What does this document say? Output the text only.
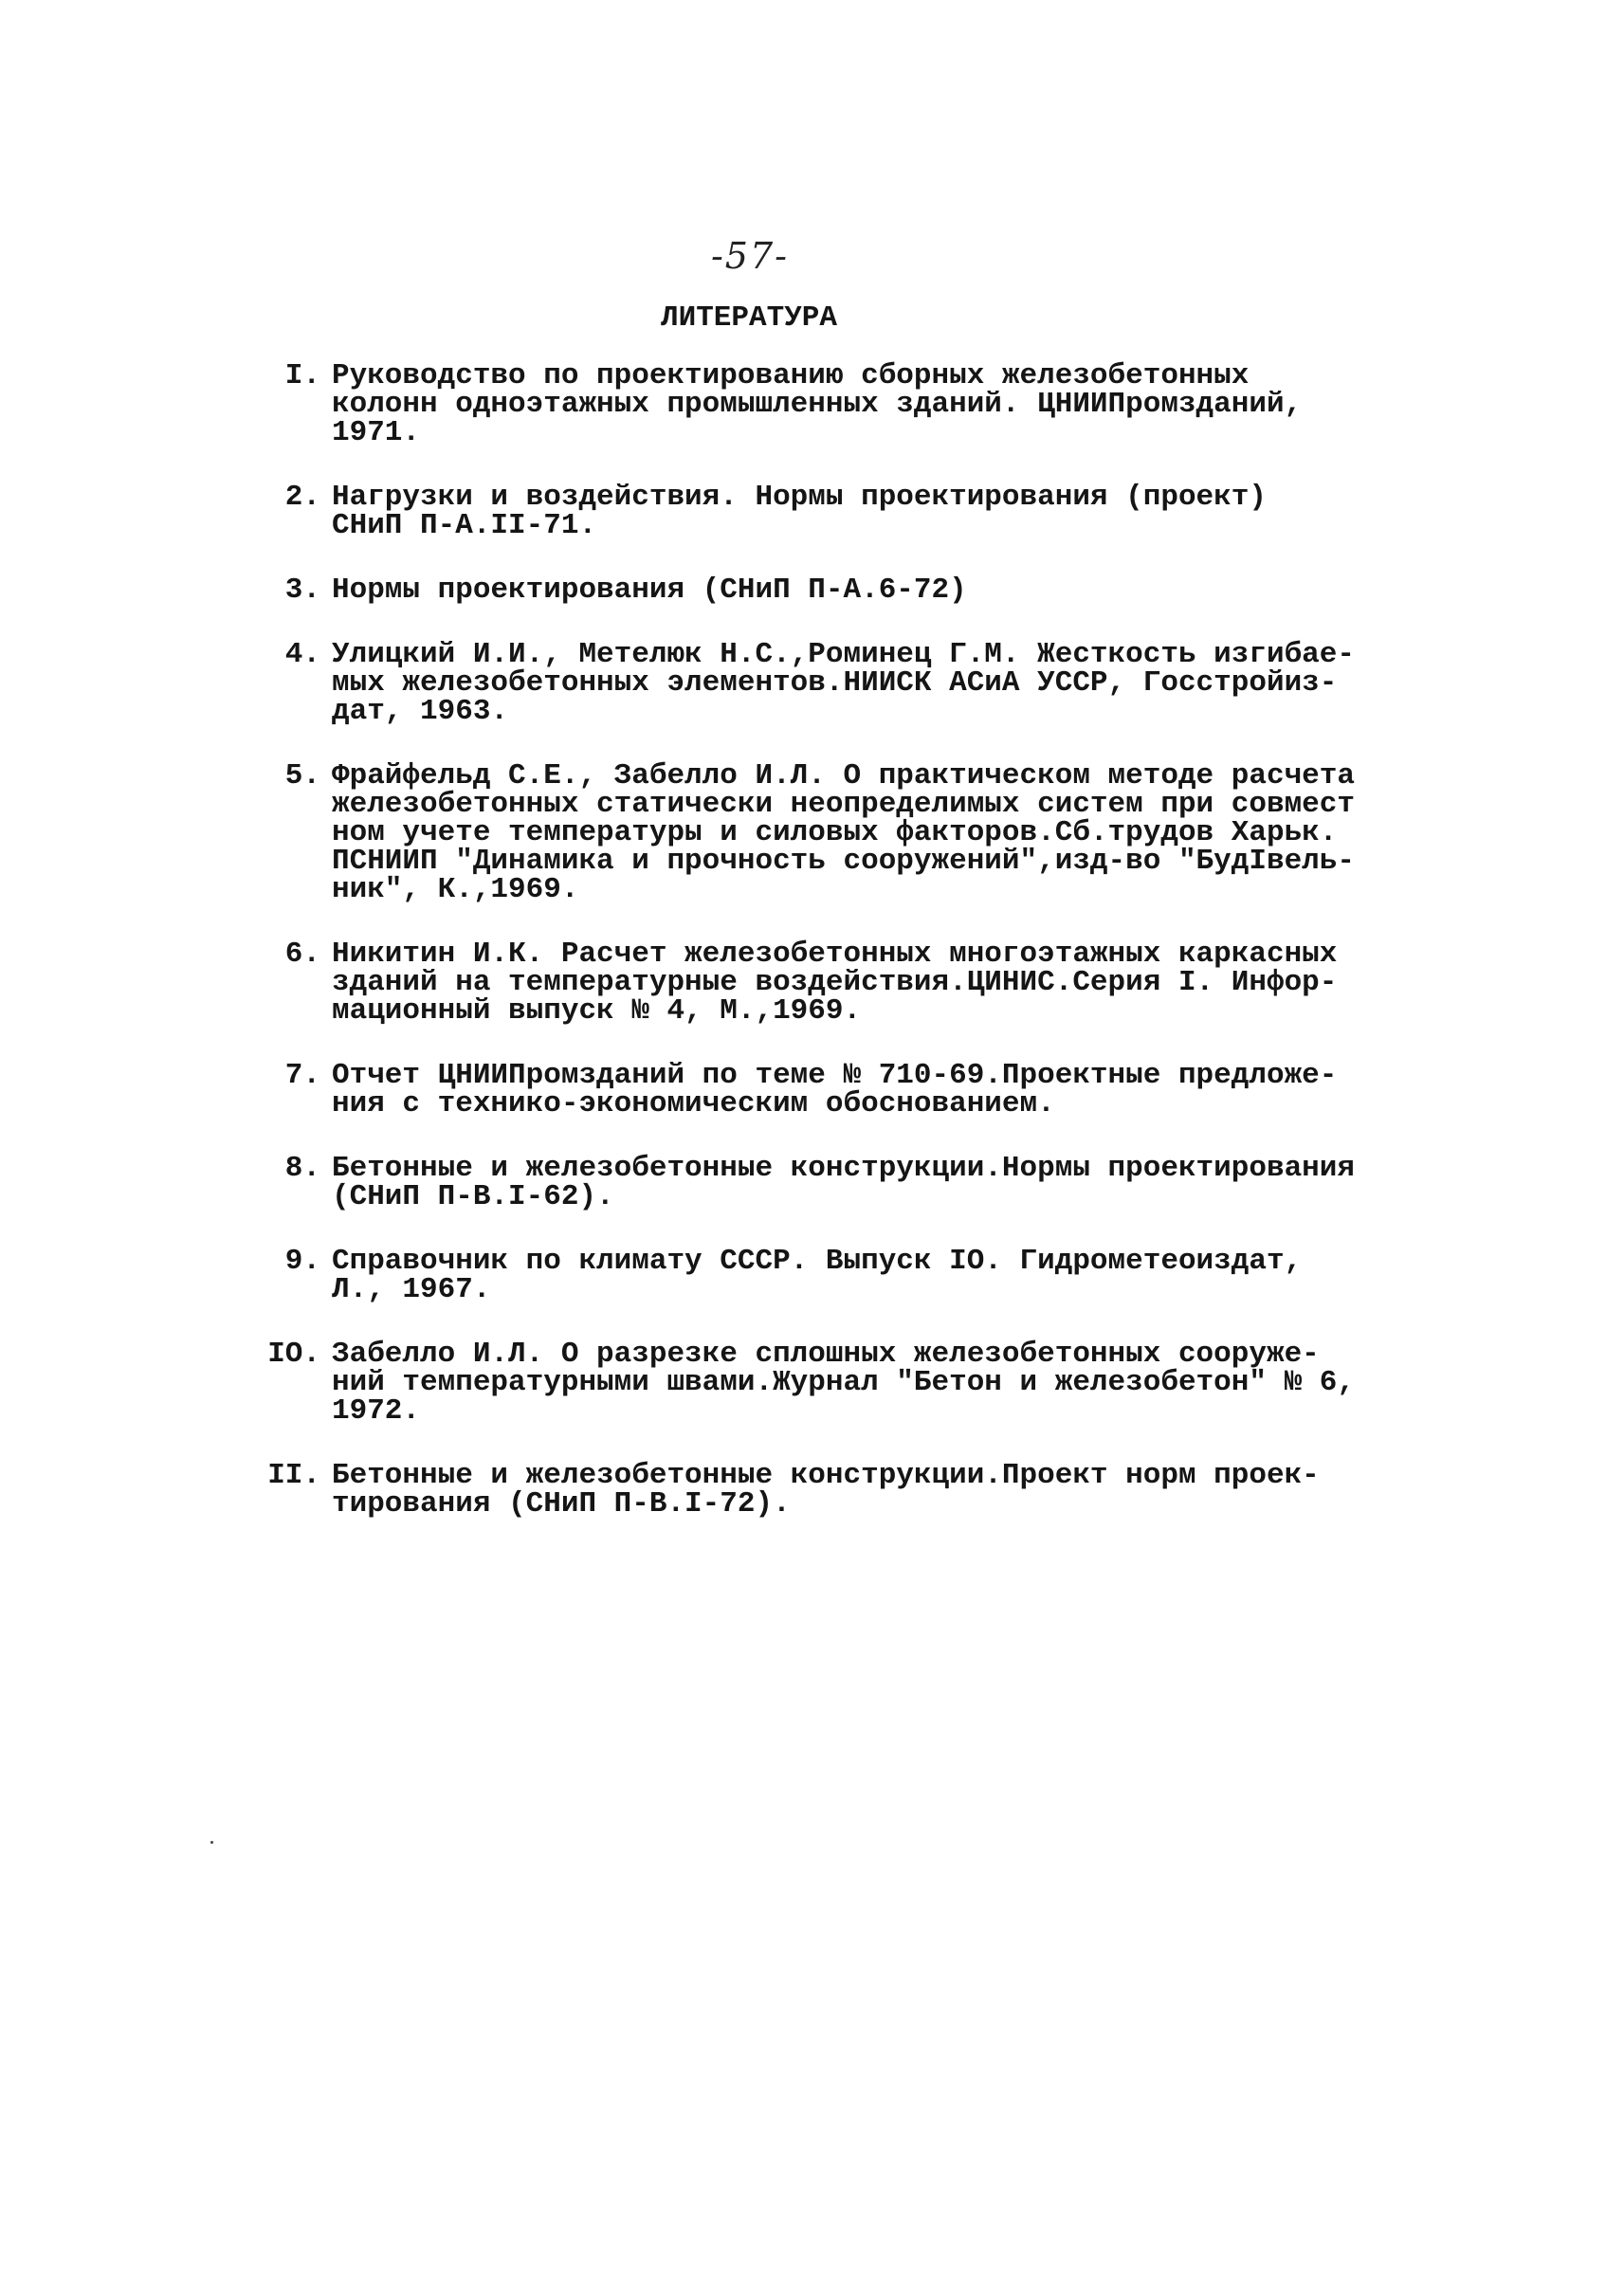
-57-
ЛИТЕРАТУРА
I. Руководство по проектированию сборных железобетонных
колонн одноэтажных промышленных зданий. ЦНИИПромзданий,
1971.
2. Нагрузки и воздействия. Нормы проектирования (проект)
СНиП П-А.II-71.
3. Нормы проектирования (СНиП П-А.6-72)
4. Улицкий И.И., Метелюк Н.С.,Роминец Г.М. Жесткость изгибае-
мых железобетонных элементов.НИИСК АСиА УССР, Госстройиз-
дат, 1963.
5. Фрайфельд С.Е., Забелло И.Л. О практическом методе расчета
железобетонных статически неопределимых систем при совмест
ном учете температуры и силовых факторов.Сб.трудов Харьк.
ПСНИИП "Динамика и прочность сооружений",изд-во "БудIвель-
ник", К.,1969.
6. Никитин И.К. Расчет железобетонных многоэтажных каркасных
зданий на температурные воздействия.ЦИНИС.Серия I. Инфор-
мационный выпуск № 4, М.,1969.
7. Отчет ЦНИИПромзданий по теме № 710-69.Проектные предложе-
ния с технико-экономическим обоснованием.
8. Бетонные и железобетонные конструкции.Нормы проектирования
(СНиП П-В.I-62).
9. Справочник по климату СССР. Выпуск IO. Гидрометеоиздат,
Л., 1967.
IO. Забелло И.Л. О разрезке сплошных железобетонных сооруже-
ний температурными швами.Журнал "Бетон и железобетон" № 6,
1972.
II. Бетонные и железобетонные конструкции.Проект норм проек-
тирования (СНиП П-В.I-72).
